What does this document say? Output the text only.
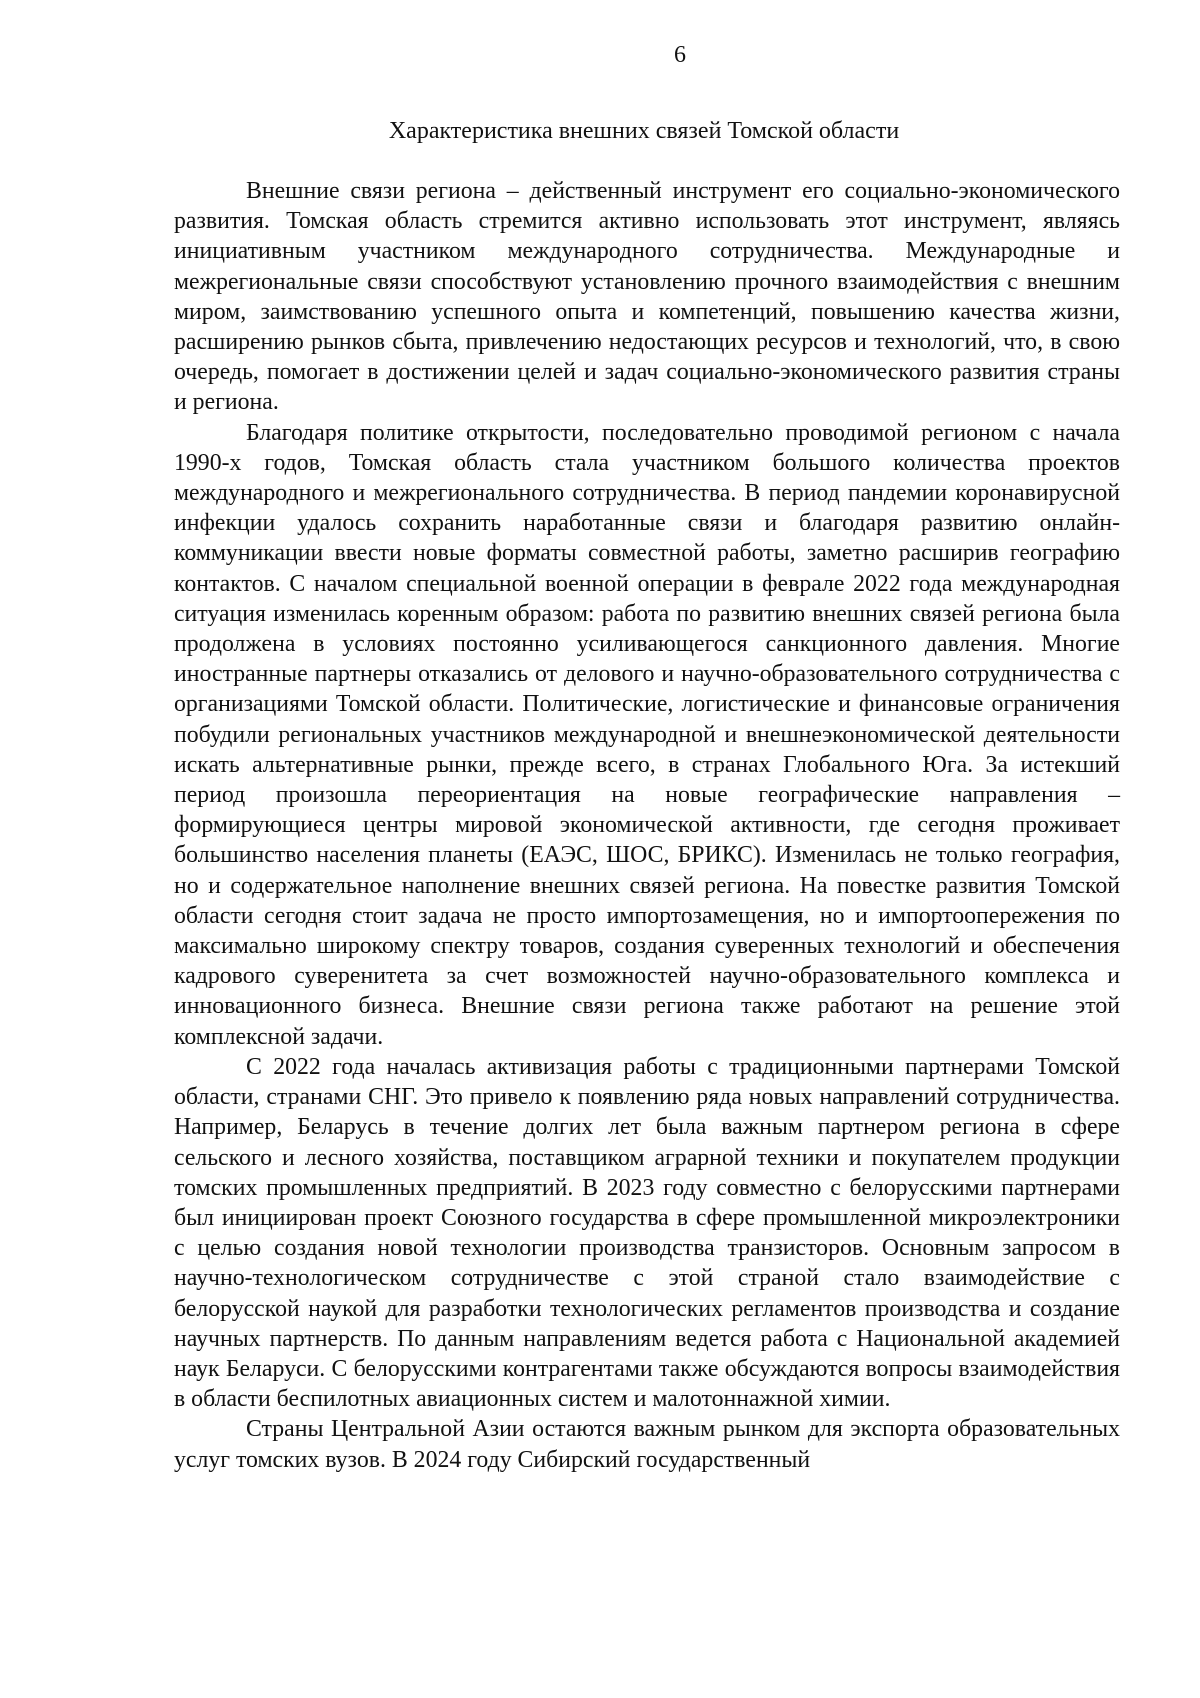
6
Характеристика внешних связей Томской области

Внешние связи региона – действенный инструмент его социально-экономического развития. Томская область стремится активно использовать этот инструмент, являясь инициативным участником международного сотрудничества. Международные и межрегиональные связи способствуют установлению прочного взаимодействия с внешним миром, заимствованию успешного опыта и компетенций, повышению качества жизни, расширению рынков сбыта, привлечению недостающих ресурсов и технологий, что, в свою очередь, помогает в достижении целей и задач социально-экономического развития страны и региона.

Благодаря политике открытости, последовательно проводимой регионом с начала 1990-х годов, Томская область стала участником большого количества проектов международного и межрегионального сотрудничества. В период пандемии коронавирусной инфекции удалось сохранить наработанные связи и благодаря развитию онлайн-коммуникации ввести новые форматы совместной работы, заметно расширив географию контактов. С началом специальной военной операции в феврале 2022 года международная ситуация изменилась коренным образом: работа по развитию внешних связей региона была продолжена в условиях постоянно усиливающегося санкционного давления. Многие иностранные партнеры отказались от делового и научно-образовательного сотрудничества с организациями Томской области. Политические, логистические и финансовые ограничения побудили региональных участников международной и внешнеэкономической деятельности искать альтернативные рынки, прежде всего, в странах Глобального Юга. За истекший период произошла переориентация на новые географические направления – формирующиеся центры мировой экономической активности, где сегодня проживает большинство населения планеты (ЕАЭС, ШОС, БРИКС). Изменилась не только география, но и содержательное наполнение внешних связей региона. На повестке развития Томской области сегодня стоит задача не просто импортозамещения, но и импортоопережения по максимально широкому спектру товаров, создания суверенных технологий и обеспечения кадрового суверенитета за счет возможностей научно-образовательного комплекса и инновационного бизнеса. Внешние связи региона также работают на решение этой комплексной задачи.

С 2022 года началась активизация работы с традиционными партнерами Томской области, странами СНГ. Это привело к появлению ряда новых направлений сотрудничества. Например, Беларусь в течение долгих лет была важным партнером региона в сфере сельского и лесного хозяйства, поставщиком аграрной техники и покупателем продукции томских промышленных предприятий. В 2023 году совместно с белорусскими партнерами был инициирован проект Союзного государства в сфере промышленной микроэлектроники с целью создания новой технологии производства транзисторов. Основным запросом в научно-технологическом сотрудничестве с этой страной стало взаимодействие с белорусской наукой для разработки технологических регламентов производства и создание научных партнерств. По данным направлениям ведется работа с Национальной академией наук Беларуси. С белорусскими контрагентами также обсуждаются вопросы взаимодействия в области беспилотных авиационных систем и малотоннажной химии.

Страны Центральной Азии остаются важным рынком для экспорта образовательных услуг томских вузов. В 2024 году Сибирский государственный
